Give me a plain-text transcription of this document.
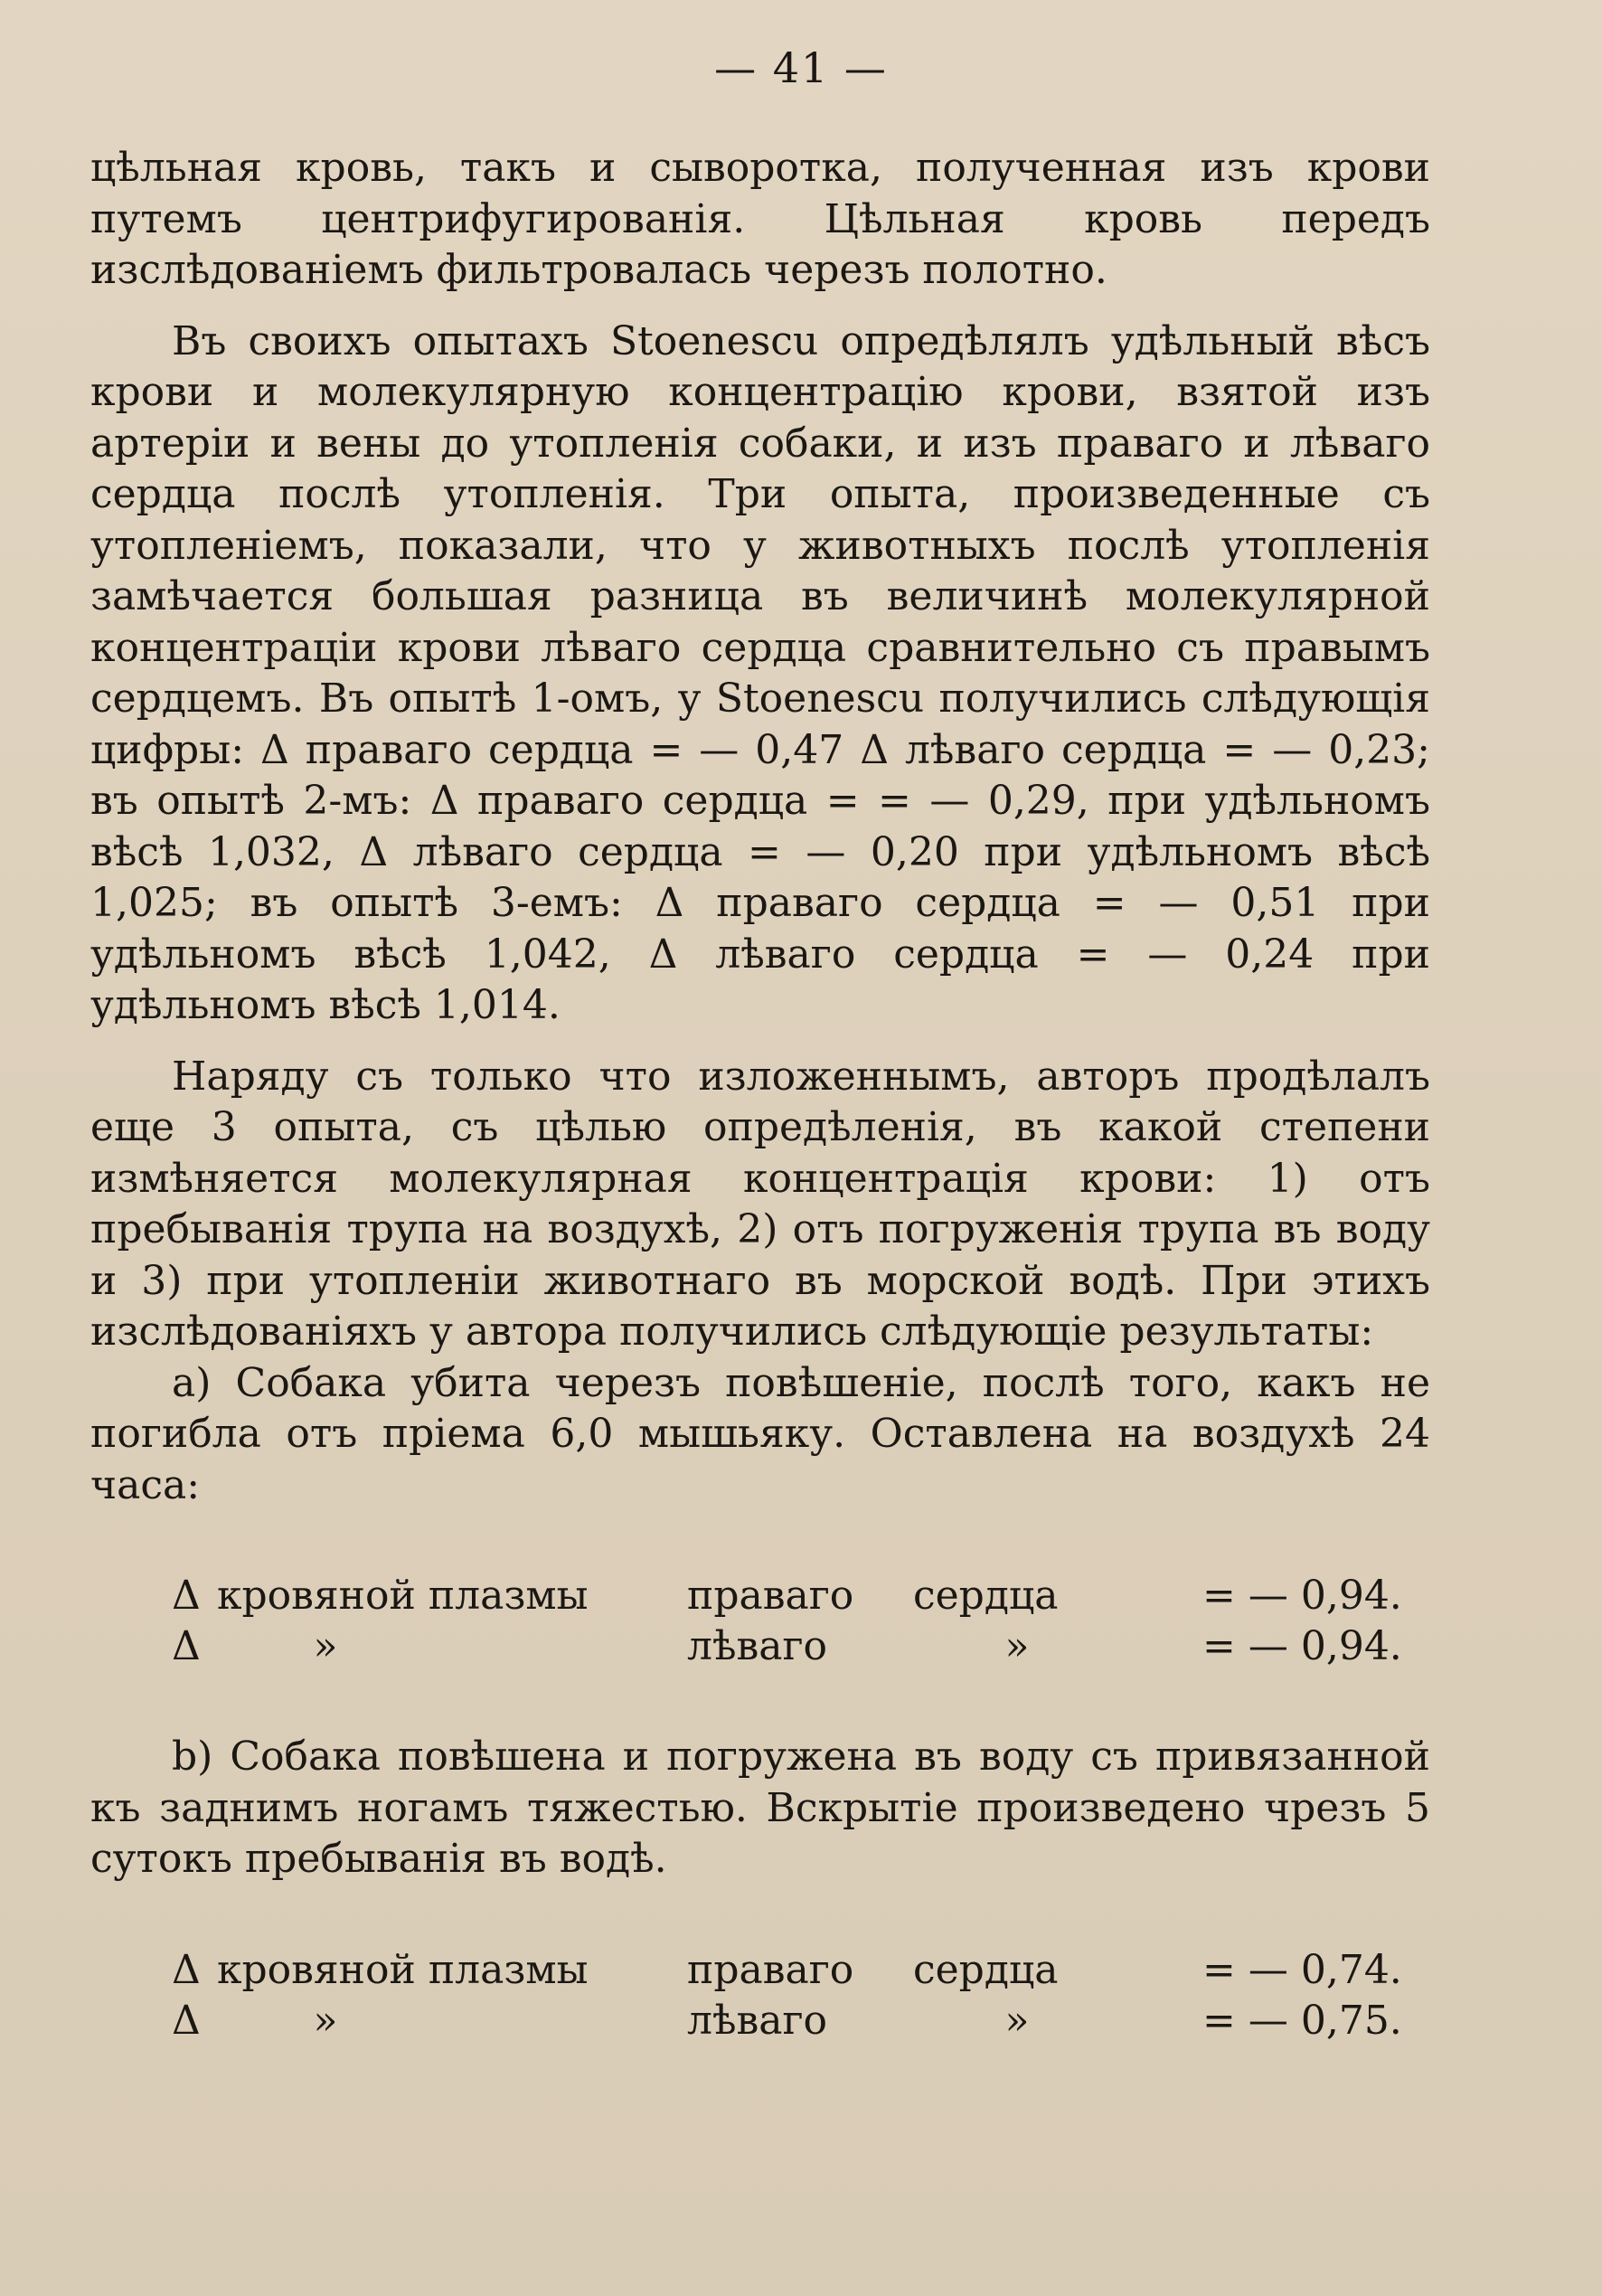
— 41 —

цѣльная кровь, такъ и сыворотка, полученная изъ крови путемъ центрифугированія. Цѣльная кровь передъ изслѣдованіемъ фильтровалась черезъ полотно.

Въ своихъ опытахъ Stoenescu опредѣлялъ удѣльный вѣсъ крови и молекулярную концентрацію крови, взятой изъ артеріи и вены до утопленія собаки, и изъ праваго и лѣваго сердца послѣ утопленія. Три опыта, произведенные съ утопленіемъ, показали, что у животныхъ послѣ утопленія замѣчается большая разница въ величинѣ молекулярной концентраціи крови лѣваго сердца сравнительно съ правымъ сердцемъ. Въ опытѣ 1-омъ, у Stoenescu получились слѣдующія цифры: Δ праваго сердца = — 0,47 Δ лѣваго сердца = — 0,23; въ опытѣ 2-мъ: Δ праваго сердца = = — 0,29, при удѣльномъ вѣсѣ 1,032, Δ лѣваго сердца = — 0,20 при удѣльномъ вѣсѣ 1,025; въ опытѣ 3-емъ: Δ праваго сердца = — 0,51 при удѣльномъ вѣсѣ 1,042, Δ лѣваго сердца = — 0,24 при удѣльномъ вѣсѣ 1,014.

Наряду съ только что изложеннымъ, авторъ продѣлалъ еще 3 опыта, съ цѣлью опредѣленія, въ какой степени измѣняется молекулярная концентрація крови: 1) отъ пребыванія трупа на воздухѣ, 2) отъ погруженія трупа въ воду и 3) при утопленіи животнаго въ морской водѣ. При этихъ изслѣдованіяхъ у автора получились слѣдующіе результаты:

a) Собака убита черезъ повѣшеніе, послѣ того, какъ не погибла отъ пріема 6,0 мышьяку. Оставлена на воздухѣ 24 часа:

Δ кровяной плазмы	праваго	сердца	= — 0,94.
Δ	»	лѣваго	»	= — 0,94.

b) Собака повѣшена и погружена въ воду съ привязанной къ заднимъ ногамъ тяжестью. Вскрытіе произведено чрезъ 5 сутокъ пребыванія въ водѣ.

Δ кровяной плазмы	праваго	сердца	= — 0,74.
Δ	»	лѣваго	»	= — 0,75.
